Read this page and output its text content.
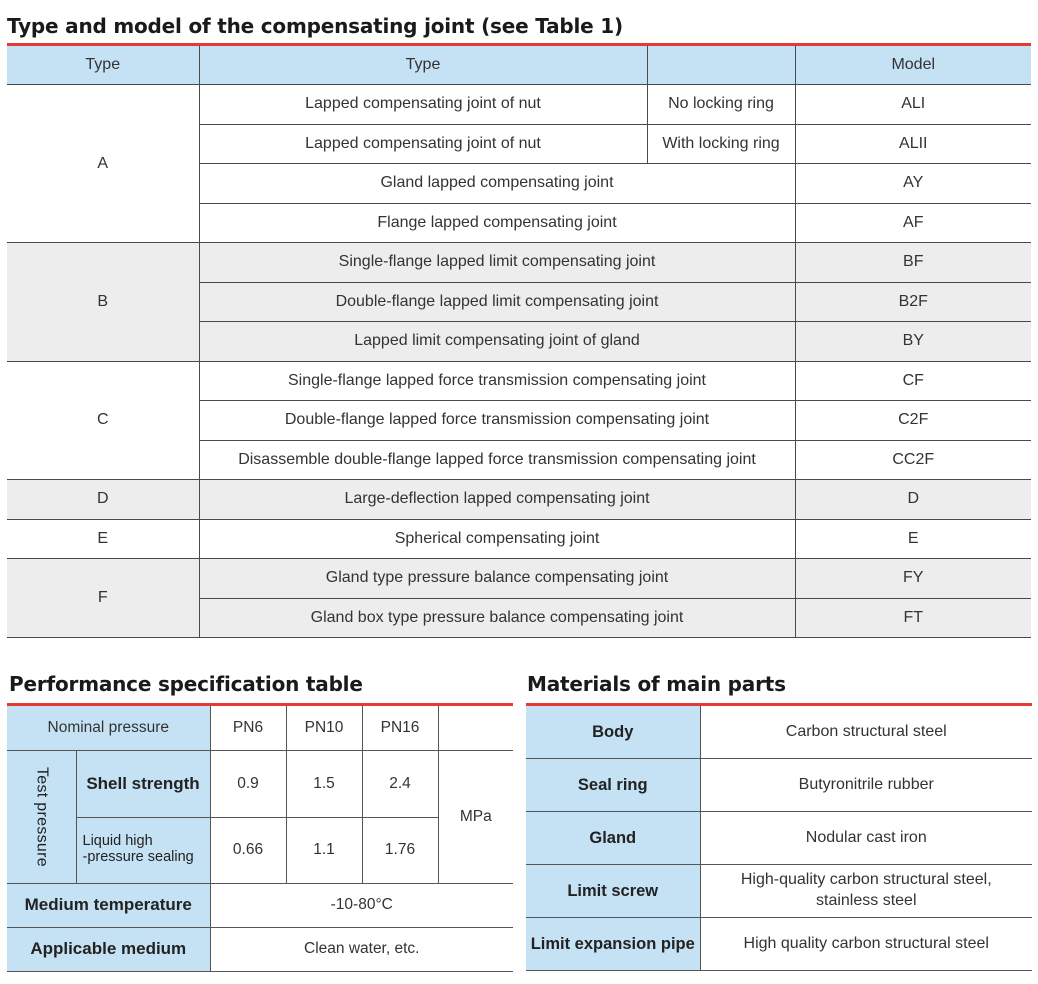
Type and model of the compensating joint (see Table 1)
Type	Type		Model
A	Lapped compensating joint of nut	No locking ring	ALI
	Lapped compensating joint of nut	With locking ring	ALII
	Gland lapped compensating joint		AY
	Flange lapped compensating joint		AF
B	Single-flange lapped limit compensating joint		BF
	Double-flange lapped limit compensating joint		B2F
	Lapped limit compensating joint of gland		BY
C	Single-flange lapped force transmission compensating joint		CF
	Double-flange lapped force transmission compensating joint		C2F
	Disassemble double-flange lapped force transmission compensating joint		CC2F
D	Large-deflection lapped compensating joint		D
E	Spherical compensating joint		E
F	Gland type pressure balance compensating joint		FY
	Gland box type pressure balance compensating joint		FT
Performance specification table
Nominal pressure		PN6	PN10	PN16	

Test pressure	Shell strength	0.9	1.5	2.4	MPa

	Liquid high
-pressure sealing	0.66	1.1	1.76	
Medium temperature		-10-80°C			
Applicable medium		Clean water, etc.			
Materials of main parts
Body	Carbon structural steel
Seal ring	Butyronitrile rubber
Gland	Nodular cast iron
Limit screw	High-quality carbon structural steel,
stainless steel

Limit expansion pipe	High quality carbon structural steel
